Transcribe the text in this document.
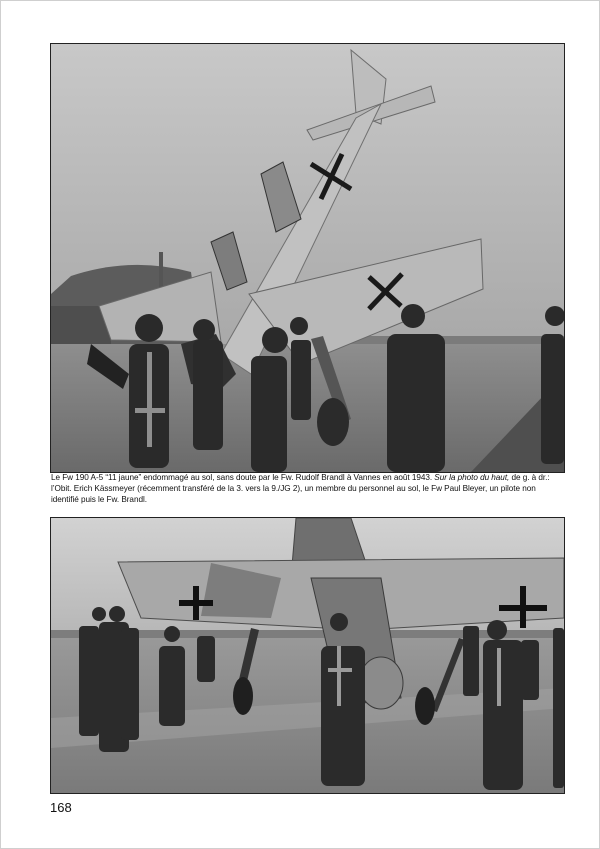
Le Fw 190 A-5 “11 jaune” endommagé au sol, sans doute par le Fw. Rudolf Brandl à Vannes en août 1943. Sur la photo du haut, de g. à dr.: l’Obit. Erich Kässmeyer (récemment transféré de la 3. vers la 9./JG 2), un membre du personnel au sol, le Fw Paul Bleyer, un pilote non identifié puis le Fw. Brandl.
168
